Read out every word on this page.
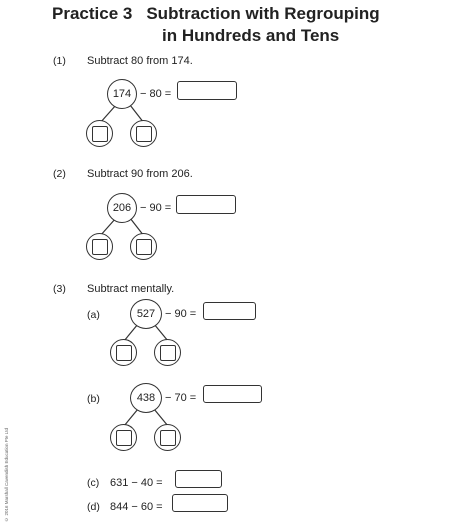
Practice 3 Subtraction with Regrouping
in Hundreds and Tens
(1) Subtract 80 from 174.
174 − 80 =
(2) Subtract 90 from 206.
206 − 90 =
(3) Subtract mentally.
(a)	527 − 90 =
(b)	438 − 70 =
(c) 631 − 40 =
(d) 844 − 60 =
© 2016 Marshall Cavendish Education Pte Ltd
